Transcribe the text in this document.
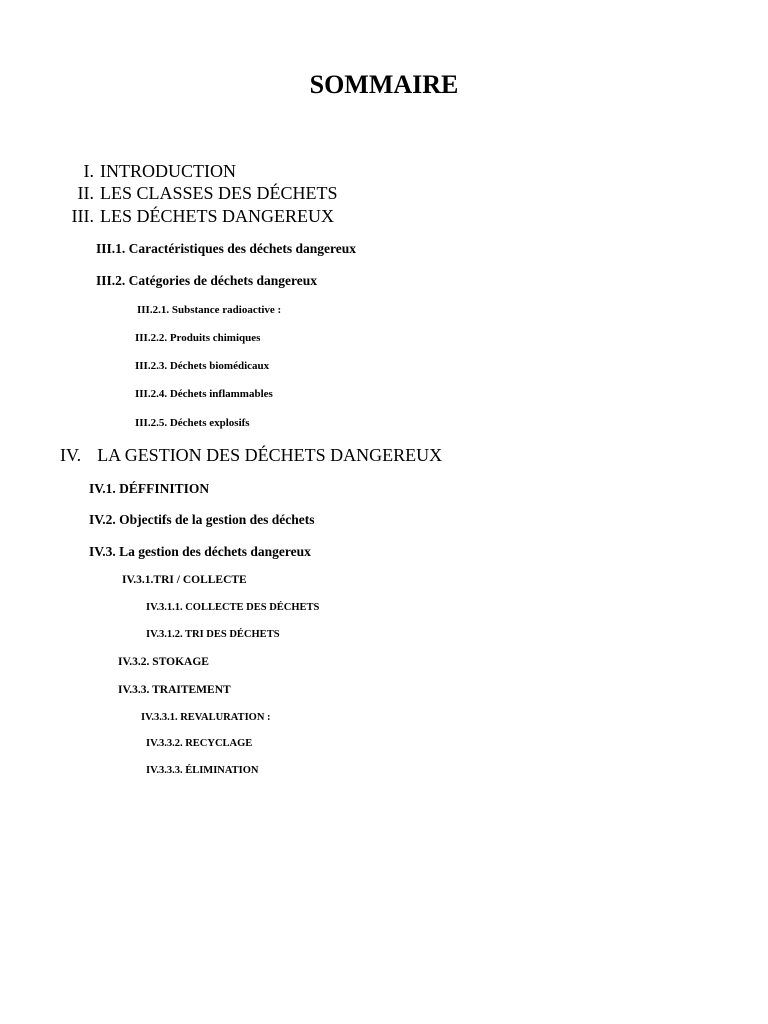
SOMMAIRE
I. INTRODUCTION
II. LES CLASSES DES DÉCHETS
III. LES DÉCHETS DANGEREUX
III.1. Caractéristiques des déchets dangereux
III.2. Catégories de déchets dangereux
III.2.1. Substance radioactive :
III.2.2. Produits chimiques
III.2.3. Déchets biomédicaux
III.2.4. Déchets inflammables
III.2.5. Déchets explosifs
IV. LA GESTION DES DÉCHETS DANGEREUX
IV.1. DÉFFINITION
IV.2. Objectifs de la gestion des déchets
IV.3. La gestion des déchets dangereux
IV.3.1.TRI / COLLECTE
IV.3.1.1. COLLECTE DES DÉCHETS
IV.3.1.2. TRI DES DÉCHETS
IV.3.2. STOKAGE
IV.3.3. TRAITEMENT
IV.3.3.1. REVALURATION :
IV.3.3.2. RECYCLAGE
IV.3.3.3. ÉLIMINATION
